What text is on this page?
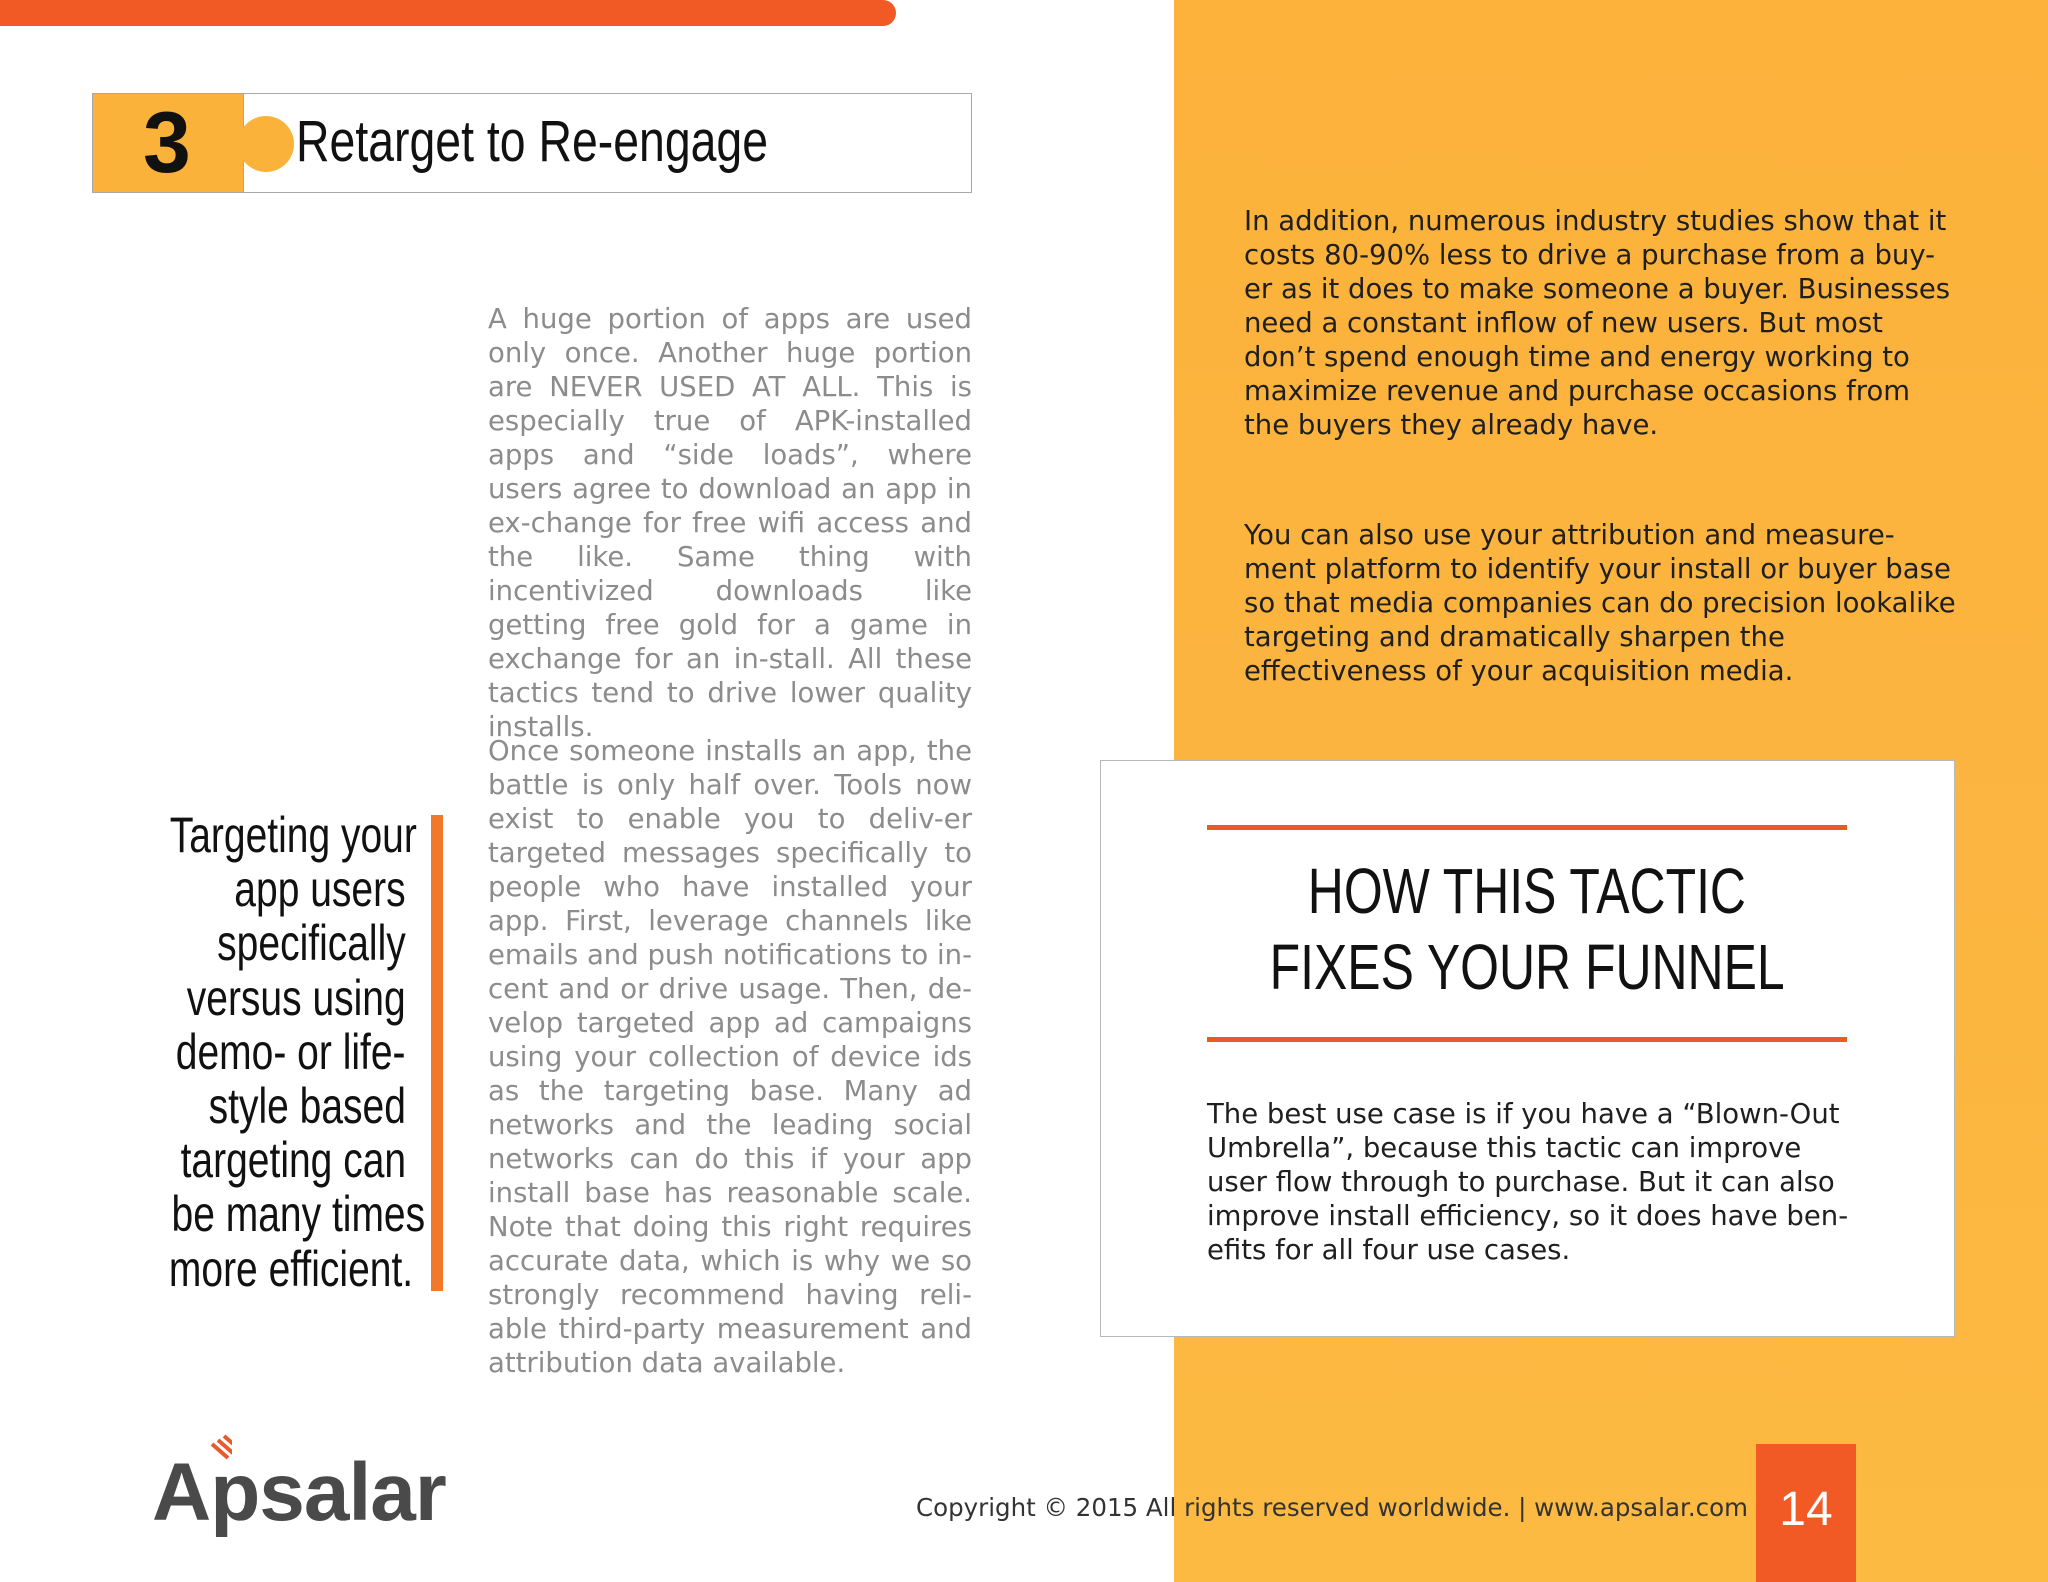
3 Retarget to Re-engage

A huge portion of apps are used only once. Another huge portion are NEVER USED AT ALL. This is especially true of APK-installed apps and “side loads”, where users agree to download an app in ex-change for free wifi access and the like. Same thing with incentivized downloads like getting free gold for a game in exchange for an in-stall. All these tactics tend to drive lower quality installs.

Once someone installs an app, the battle is only half over. Tools now exist to enable you to deliv-er targeted messages specifically to people who have installed your app. First, leverage channels like emails and push notifications to in-cent and or drive usage. Then, de-velop targeted app ad campaigns using your collection of device ids as the targeting base. Many ad networks and the leading social networks can do this if your app install base has reasonable scale. Note that doing this right requires accurate data, which is why we so strongly recommend having reli-able third-party measurement and attribution data available.

Targeting your
app users
specifically
versus using
demo- or life-
style based
targeting can
be many times
more efficient.

In addition, numerous industry studies show that it costs 80-90% less to drive a purchase from a buy-er as it does to make someone a buyer. Businesses need a constant inflow of new users. But most don’t spend enough time and energy working to maximize revenue and purchase occasions from the buyers they already have.

You can also use your attribution and measure-ment platform to identify your install or buyer base so that media companies can do precision lookalike targeting and dramatically sharpen the effectiveness of your acquisition media.

HOW THIS TACTIC
FIXES YOUR FUNNEL

The best use case is if you have a “Blown-Out Umbrella”, because this tactic can improve user flow through to purchase. But it can also improve install efficiency, so it does have ben-efits for all four use cases.

Apsalar	Copyright © 2015 All rights reserved worldwide. | www.apsalar.com 14
